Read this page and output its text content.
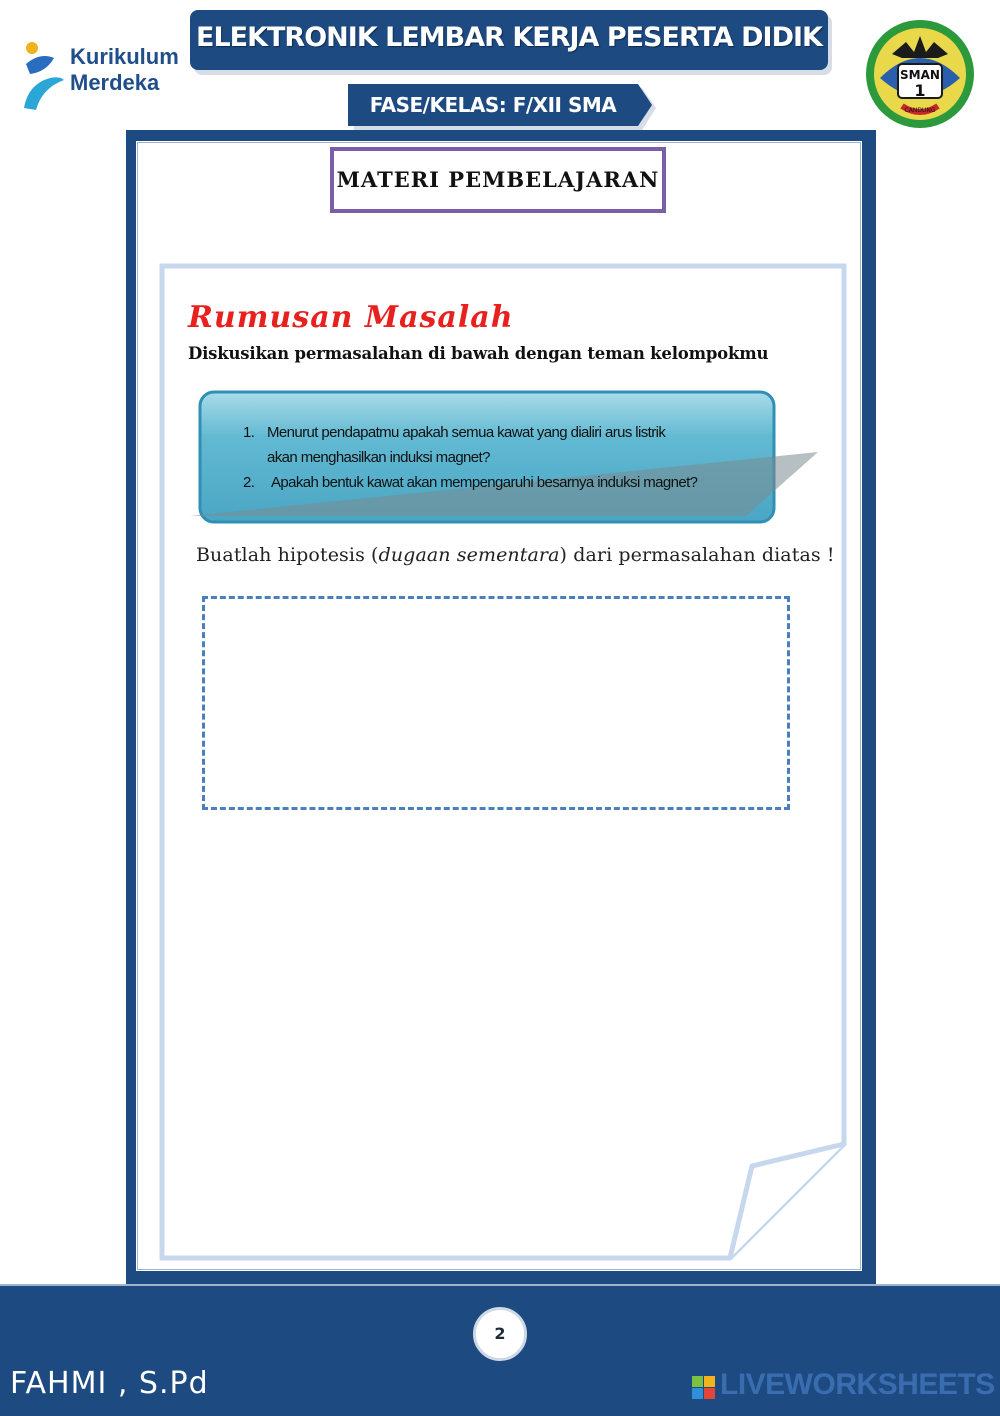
Kurikulum
Merdeka
ELEKTRONIK LEMBAR KERJA PESERTA DIDIK
FASE/KELAS: F/XII SMA
SMAN
1
CANDUNG
MATERI PEMBELAJARAN
Rumusan Masalah
Diskusikan permasalahan di bawah dengan teman kelompokmu
1. Menurut pendapatmu apakah semua kawat yang dialiri arus listrik
akan menghasilkan induksi magnet?
2. Apakah bentuk kawat akan mempengaruhi besarnya induksi magnet?
Buatlah hipotesis (dugaan sementara) dari permasalahan diatas !
2
FAHMI , S.Pd	LIVEWORKSHEETS
